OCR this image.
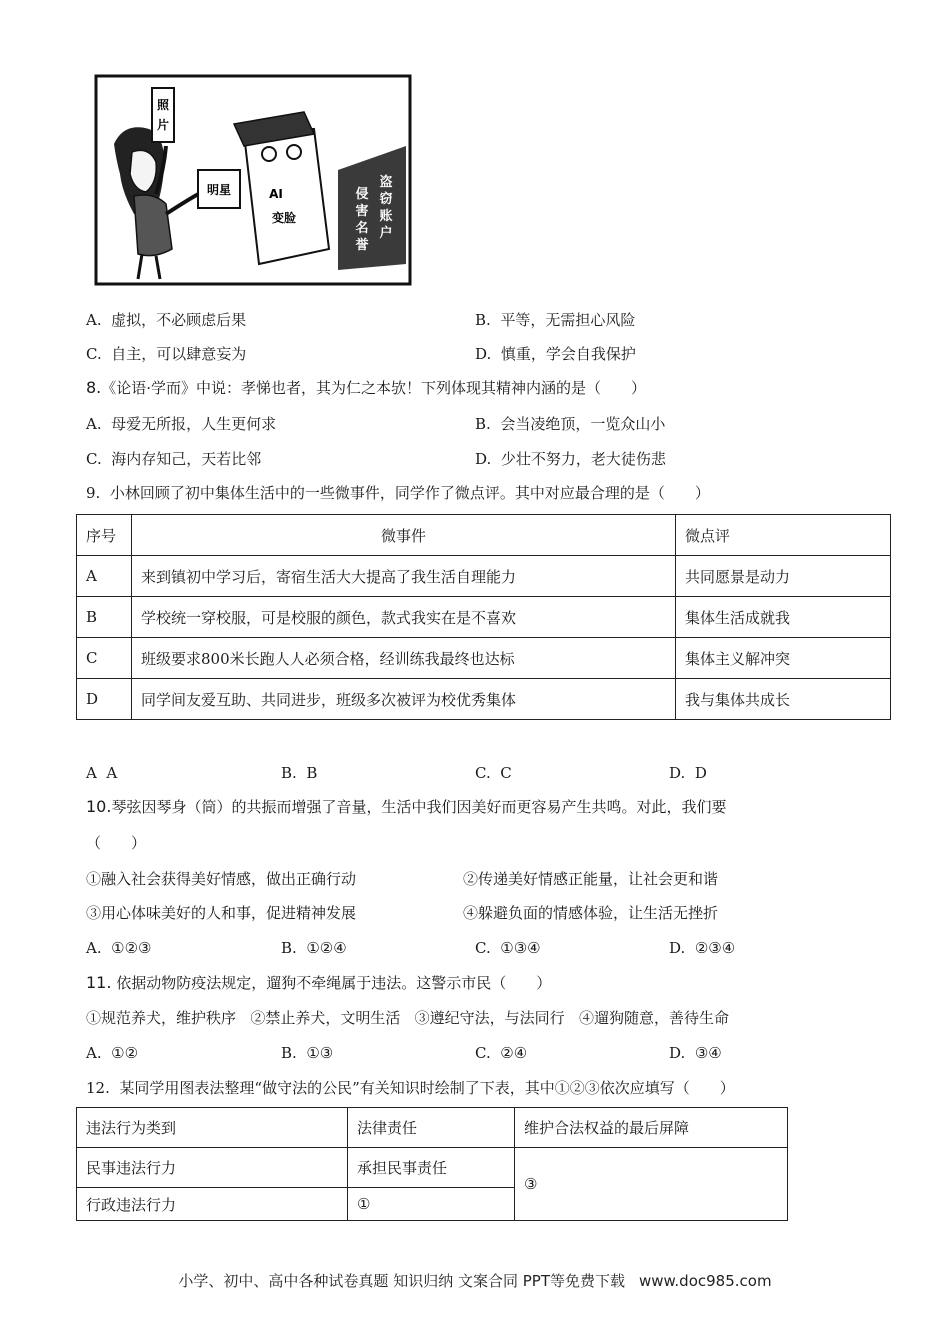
照
片
明星	AI
变脸
侵
害
名
誉
盗
窃
账
户
A. 虚拟，不必顾虑后果	B. 平等，无需担心风险
C. 自主，可以肆意妄为	D. 慎重，学会自我保护
8.《论语·学而》中说：孝悌也者，其为仁之本欤！下列体现其精神内涵的是（　　）
A. 母爱无所报，人生更何求	B. 会当凌绝顶，一览众山小
C. 海内存知己，天若比邻	D. 少壮不努力，老大徒伤悲
9. 小林回顾了初中集体生活中的一些微事件，同学作了微点评。其中对应最合理的是（　　）
序号	微事件	微点评
A	来到镇初中学习后，寄宿生活大大提高了我生活自理能力	共同愿景是动力
B	学校统一穿校服，可是校服的颜色，款式我实在是不喜欢	集体生活成就我
C	班级要求800米长跑人人必须合格，经训练我最终也达标	集体主义解冲突
D	同学间友爱互助、共同进步，班级多次被评为校优秀集体	我与集体共成长
A A	B. B	C. C	D. D
10.琴弦因琴身（筒）的共振而增强了音量，生活中我们因美好而更容易产生共鸣。对此，我们要
（　　）
①融入社会获得美好情感，做出正确行动	②传递美好情感正能量，让社会更和谐
③用心体味美好的人和事，促进精神发展	④躲避负面的情感体验，让生活无挫折
A. ①②③	B. ①②④	C. ①③④	D. ②③④
11. 依据动物防疫法规定，遛狗不牵绳属于违法。这警示市民（　　）
①规范养犬，维护秩序 ②禁止养犬，文明生活 ③遵纪守法，与法同行 ④遛狗随意，善待生命
A. ①②	B. ①③	C. ②④	D. ③④
12. 某同学用图表法整理“做守法的公民”有关知识时绘制了下表，其中①②③依次应填写（　　）
违法行为类到	法律责任	维护合法权益的最后屏障
民事违法行力	承担民事责任	③
行政违法行力	①	
小学、初中、高中各种试卷真题 知识归纳 文案合同 PPT等免费下载 www.doc985.com
